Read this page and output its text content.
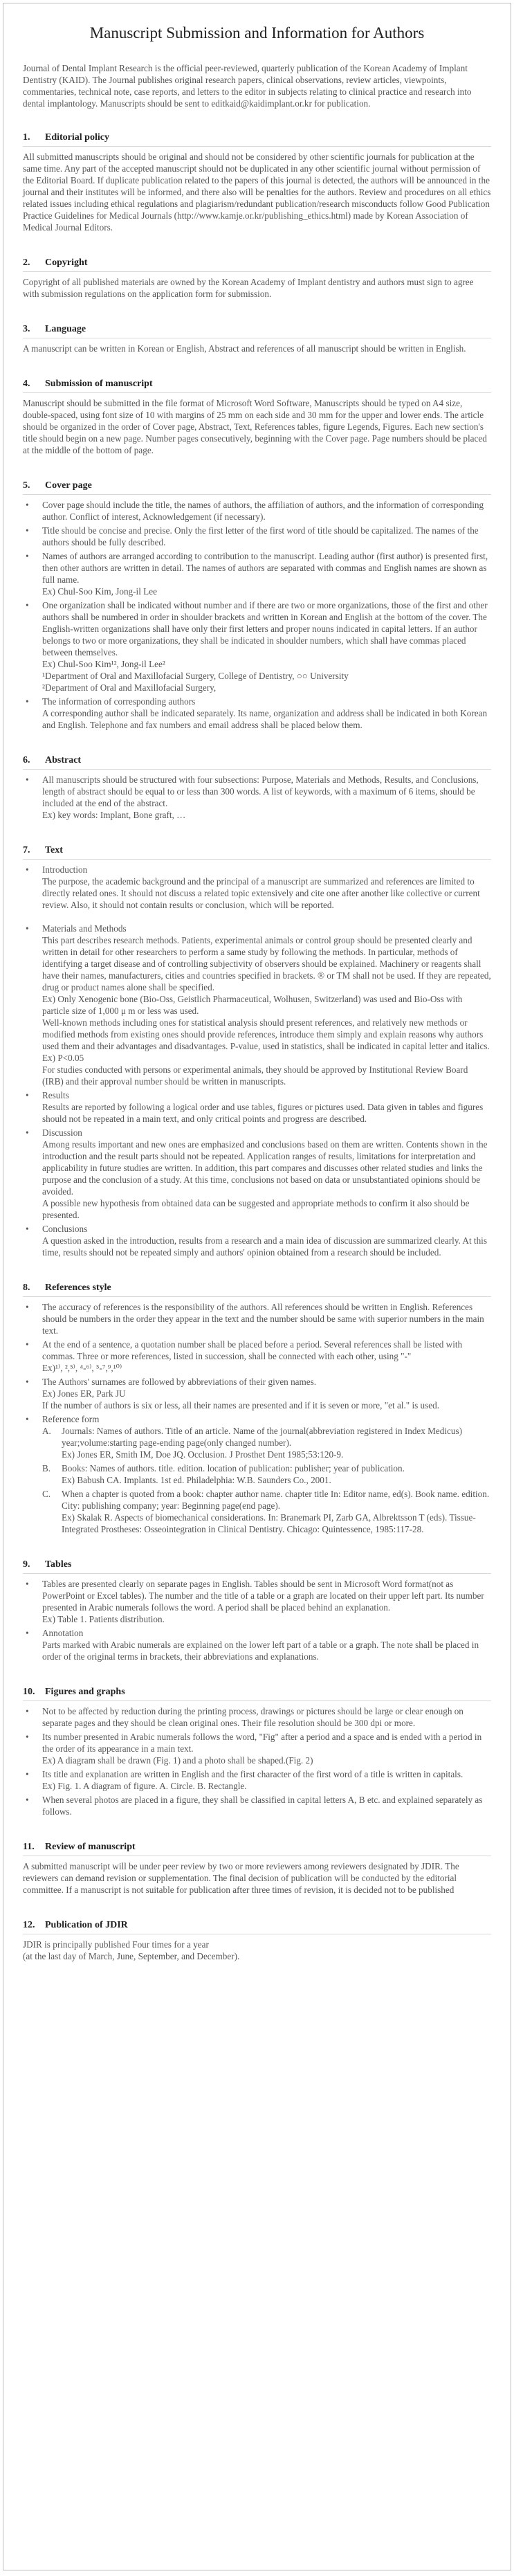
Manuscript Submission and Information for Authors

Journal of Dental Implant Research is the official peer-reviewed, quarterly publication of the Korean Academy of Implant Dentistry (KAID). The Journal publishes original research papers, clinical observations, review articles, viewpoints, commentaries, technical note, case reports, and letters to the editor in subjects relating to clinical practice and research into dental implantology. Manuscripts should be sent to editkaid@kaidimplant.or.kr for publication.

1.	Editorial policy

All submitted manuscripts should be original and should not be considered by other scientific journals for publication at the same time. Any part of the accepted manuscript should not be duplicated in any other scientific journal without permission of the Editorial Board. If duplicate publication related to the papers of this journal is detected, the authors will be announced in the journal and their institutes will be informed, and there also will be penalties for the authors. Review and procedures on all ethics related issues including ethical regulations and plagiarism/redundant publication/research misconducts follow Good Publication Practice Guidelines for Medical Journals (http://www.kamje.or.kr/publishing_ethics.html) made by Korean Association of Medical Journal Editors.

2.	Copyright

Copyright of all published materials are owned by the Korean Academy of Implant dentistry and authors must sign to agree with submission regulations on the application form for submission.

3.	Language

A manuscript can be written in Korean or English, Abstract and references of all manuscript should be written in English.

4.	Submission of manuscript

Manuscript should be submitted in the file format of Microsoft Word Software, Manuscripts should be typed on A4 size, double-spaced, using font size of 10 with margins of 25 mm on each side and 30 mm for the upper and lower ends. The article should be organized in the order of Cover page, Abstract, Text, References tables, figure Legends, Figures. Each new section's title should begin on a new page. Number pages consecutively, beginning with the Cover page. Page numbers should be placed at the middle of the bottom of page.

5.	Cover page
• Cover page should include the title, the names of authors, the affiliation of authors, and the information of corresponding author. Conflict of interest, Acknowledgement (if necessary).
• Title should be concise and precise. Only the first letter of the first word of title should be capitalized. The names of the authors should be fully described.
• Names of authors are arranged according to contribution to the manuscript. Leading author (first author) is presented first, then other authors are written in detail. The names of authors are separated with commas and English names are shown as full name.
Ex) Chul-Soo Kim, Jong-il Lee
• One organization shall be indicated without number and if there are two or more organizations, those of the first and other authors shall be numbered in order in shoulder brackets and written in Korean and English at the bottom of the cover. The English-written organizations shall have only their first letters and proper nouns indicated in capital letters. If an author belongs to two or more organizations, they shall be indicated in shoulder numbers, which shall have commas placed between themselves.
Ex) Chul-Soo Kim¹², Jong-il Lee²
¹Department of Oral and Maxillofacial Surgery, College of Dentistry, ○○ University
²Department of Oral and Maxillofacial Surgery,
• The information of corresponding authors
A corresponding author shall be indicated separately. Its name, organization and address shall be indicated in both Korean and English. Telephone and fax numbers and email address shall be placed below them.
6.	Abstract
• All manuscripts should be structured with four subsections: Purpose, Materials and Methods, Results, and Conclusions, length of abstract should be equal to or less than 300 words. A list of keywords, with a maximum of 6 items, should be included at the end of the abstract.
Ex) key words: Implant, Bone graft, …
7.	Text
• Introduction
The purpose, the academic background and the principal of a manuscript are summarized and references are limited to directly related ones. It should not discuss a related topic extensively and cite one after another like collective or current review. Also, it should not contain results or conclusion, which will be reported.
• Materials and Methods
This part describes research methods. Patients, experimental animals or control group should be presented clearly and written in detail for other researchers to perform a same study by following the methods. In particular, methods of identifying a target disease and of controlling subjectivity of observers should be explained. Machinery or reagents shall have their names, manufacturers, cities and countries specified in brackets. ® or TM shall not be used. If they are repeated, drug or product names alone shall be specified.
Ex) Only Xenogenic bone (Bio-Oss, Geistlich Pharmaceutical, Wolhusen, Switzerland) was used and Bio-Oss with particle size of 1,000 μ m or less was used.
Well-known methods including ones for statistical analysis should present references, and relatively new methods or modified methods from existing ones should provide references, introduce them simply and explain reasons why authors used them and their advantages and disadvantages. P-value, used in statistics, shall be indicated in capital letter and italics. Ex) P<0.05
For studies conducted with persons or experimental animals, they should be approved by Institutional Review Board (IRB) and their approval number should be written in manuscripts.
• Results
Results are reported by following a logical order and use tables, figures or pictures used. Data given in tables and figures should not be repeated in a main text, and only critical points and progress are described.
• Discussion
Among results important and new ones are emphasized and conclusions based on them are written. Contents shown in the introduction and the result parts should not be repeated. Application ranges of results, limitations for interpretation and applicability in future studies are written. In addition, this part compares and discusses other related studies and links the purpose and the conclusion of a study. At this time, conclusions not based on data or unsubstantiated opinions should be avoided.
A possible new hypothesis from obtained data can be suggested and appropriate methods to confirm it also should be presented.
• Conclusions
A question asked in the introduction, results from a research and a main idea of discussion are summarized clearly. At this time, results should not be repeated simply and authors' opinion obtained from a research should be included.
8.	References style
• The accuracy of references is the responsibility of the authors. All references should be written in English. References should be numbers in the order they appear in the text and the number should be same with superior numbers in the main text.
• At the end of a sentence, a quotation number shall be placed before a period. Several references shall be listed with commas. Three or more references, listed in succession, shall be connected with each other, using "-"
Ex)¹⁾, ²,⁵⁾, ⁴-⁶⁾, ⁵-⁷,⁹,¹⁰⁾
• The Authors' surnames are followed by abbreviations of their given names.
Ex) Jones ER, Park JU
If the number of authors is six or less, all their names are presented and if it is seven or more, "et al." is used.
• Reference form
A. Journals: Names of authors. Title of an article. Name of the journal(abbreviation registered in Index Medicus) year;volume:starting page-ending page(only changed number).
Ex) Jones ER, Smith IM, Doe JQ. Occlusion. J Prosthet Dent 1985;53:120-9.
B. Books: Names of authors. title. edition. location of publication: publisher; year of publication.
Ex) Babush CA. Implants. 1st ed. Philadelphia: W.B. Saunders Co., 2001.
C. When a chapter is quoted from a book: chapter author name. chapter title In: Editor name, ed(s). Book name. edition. City: publishing company; year: Beginning page(end page).
Ex) Skalak R. Aspects of biomechanical considerations. In: Branemark PI, Zarb GA, Albrektsson T (eds). Tissue-Integrated Prostheses: Osseointegration in Clinical Dentistry. Chicago: Quintessence, 1985:117-28.
9.	Tables
• Tables are presented clearly on separate pages in English. Tables should be sent in Microsoft Word format(not as PowerPoint or Excel tables). The number and the title of a table or a graph are located on their upper left part. Its number presented in Arabic numerals follows the word. A period shall be placed behind an explanation.
Ex) Table 1. Patients distribution.
• Annotation
Parts marked with Arabic numerals are explained on the lower left part of a table or a graph. The note shall be placed in order of the original terms in brackets, their abbreviations and explanations.
10.	Figures and graphs
• Not to be affected by reduction during the printing process, drawings or pictures should be large or clear enough on separate pages and they should be clean original ones. Their file resolution should be 300 dpi or more.
• Its number presented in Arabic numerals follows the word, "Fig" after a period and a space and is ended with a period in the order of its appearance in a main text.
Ex) A diagram shall be drawn (Fig. 1) and a photo shall be shaped.(Fig. 2)
• Its title and explanation are written in English and the first character of the first word of a title is written in capitals.
Ex) Fig. 1. A diagram of figure. A. Circle. B. Rectangle.
• When several photos are placed in a figure, they shall be classified in capital letters A, B etc. and explained separately as follows.
11.	Review of manuscript

A submitted manuscript will be under peer review by two or more reviewers among reviewers designated by JDIR. The reviewers can demand revision or supplementation. The final decision of publication will be conducted by the editorial committee. If a manuscript is not suitable for publication after three times of revision, it is decided not to be published

12.	Publication of JDIR
JDIR is principally published Four times for a year
(at the last day of March, June, September, and December).
